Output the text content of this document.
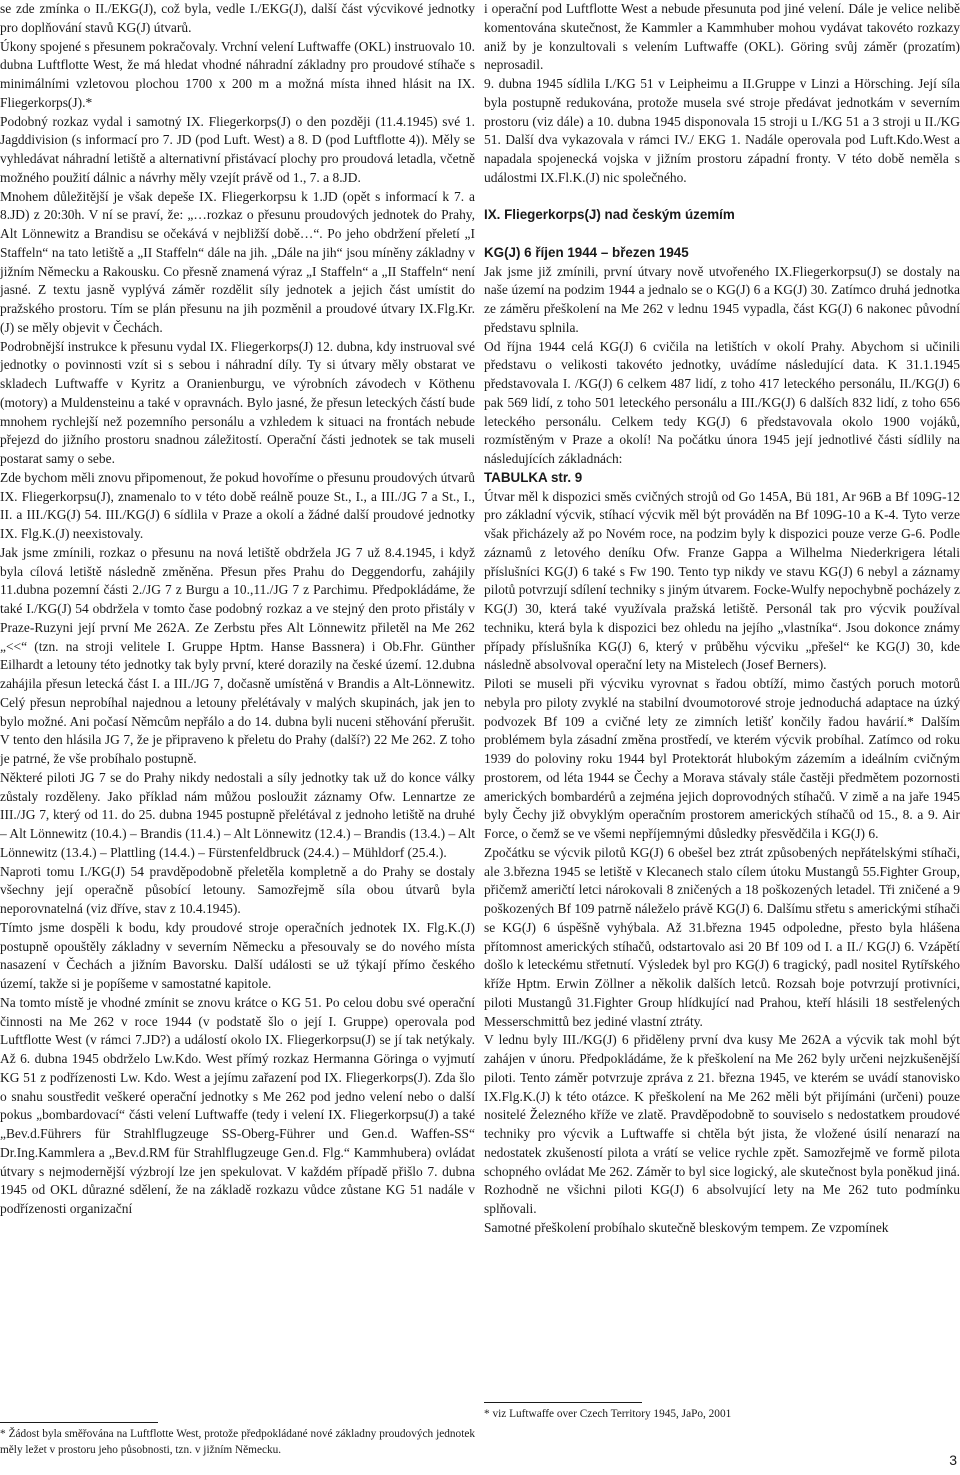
se zde zmínka o II./EKG(J), což byla, vedle I./EKG(J), další část výcvikové jednotky pro doplňování stavů KG(J) útvarů.

Úkony spojené s přesunem pokračovaly. Vrchní velení Luftwaffe (OKL) instruovalo 10. dubna Luftflotte West, že má hledat vhodné náhradní základny pro proudové stíhače s minimálními vzletovou plochou 1700 x 200 m a možná místa ihned hlásit na IX. Fliegerkorps(J).*

Podobný rozkaz vydal i samotný IX. Fliegerkorps(J) o den později (11.4.1945) své 1. Jagddivision (s informací pro 7. JD (pod Luft. West) a 8. D (pod Luftflotte 4)). Měly se vyhledávat náhradní letiště a alternativní přistávací plochy pro proudová letadla, včetně možného použití dálnic a návrhy měly vzejít právě od 1., 7. a 8.JD.

Mnohem důležitější je však depeše IX. Fliegerkorpsu k 1.JD (opět s informací k 7. a 8.JD) z 20:30h. V ní se praví, že: „…rozkaz o přesunu proudových jednotek do Prahy, Alt Lönnewitz a Brandisu se očekává v nejbližší době…“. Po jeho obdržení přeletí „I Staffeln“ na tato letiště a „II Staffeln“ dále na jih. „Dále na jih“ jsou míněny základny v jižním Německu a Rakousku. Co přesně znamená výraz „I Staffeln“ a „II Staffeln“ není jasné. Z textu jasně vyplývá záměr rozdělit síly jednotek a jejich část umístit do pražského prostoru. Tím se plán přesunu na jih pozměnil a proudové útvary IX.Flg.Kr.(J) se měly objevit v Čechách.

Podrobnější instrukce k přesunu vydal IX. Fliegerkorps(J) 12. dubna, kdy instruoval své jednotky o povinnosti vzít si s sebou i náhradní díly. Ty si útvary měly obstarat ve skladech Luftwaffe v Kyritz a Oranienburgu, ve výrobních závodech v Köthenu (motory) a Muldensteinu a také v opravnách. Bylo jasné, že přesun leteckých částí bude mnohem rychlejší než pozemního personálu a vzhledem k situaci na frontách nebude přejezd do jižního prostoru snadnou záležitostí. Operační části jednotek se tak museli postarat samy o sebe.

Zde bychom měli znovu připomenout, že pokud hovoříme o přesunu proudových útvarů IX. Fliegerkorpsu(J), znamenalo to v této době reálně pouze St., I., a III./JG 7 a St., I., II. a III./KG(J) 54. III./KG(J) 6 sídlila v Praze a okolí a žádné další proudové jednotky IX. Flg.K.(J) neexistovaly.

Jak jsme zmínili, rozkaz o přesunu na nová letiště obdržela JG 7 už 8.4.1945, i když byla cílová letiště následně změněna. Přesun přes Prahu do Deggendorfu, zahájily 11.dubna pozemní části 2./JG 7 z Burgu a 10.,11./JG 7 z Parchimu. Předpokládáme, že také I./KG(J) 54 obdržela v tomto čase podobný rozkaz a ve stejný den proto přistály v Praze-Ruzyni její první Me 262A. Ze Zerbstu přes Alt Lönnewitz přiletěl na Me 262 „<<“ (tzn. na stroji velitele I. Gruppe Hptm. Hanse Bassnera) i Ob.Fhr. Günther Eilhardt a letouny této jednotky tak byly první, které dorazily na české území. 12.dubna zahájila přesun letecká část I. a III./JG 7, dočasně umístěná v Brandis a Alt-Lönnewitz. Celý přesun neprobíhal najednou a letouny přelétávaly v malých skupinách, jak jen to bylo možné. Ani počasí Němcům nepřálo a do 14. dubna byli nuceni stěhování přerušit. V tento den hlásila JG 7, že je připraveno k přeletu do Prahy (další?) 22 Me 262. Z toho je patrné, že vše probíhalo postupně.

Některé piloti JG 7 se do Prahy nikdy nedostali a síly jednotky tak už do konce války zůstaly rozděleny. Jako příklad nám můžou posloužit záznamy Ofw. Lennartze ze III./JG 7, který od 11. do 25. dubna 1945 postupně přelétával z jednoho letiště na druhé – Alt Lönnewitz (10.4.) – Brandis (11.4.) – Alt Lönnewitz (12.4.) – Brandis (13.4.) – Alt Lönnewitz (13.4.) – Plattling (14.4.) – Fürstenfeldbruck (24.4.) – Mühldorf (25.4.).

Naproti tomu I./KG(J) 54 pravděpodobně přeletěla kompletně a do Prahy se dostaly všechny její operačně působící letouny. Samozřejmě síla obou útvarů byla neporovnatelná (viz dříve, stav z 10.4.1945).

Tímto jsme dospěli k bodu, kdy proudové stroje operačních jednotek IX. Flg.K.(J) postupně opouštěly základny v severním Německu a přesouvaly se do nového místa nasazení v Čechách a jižním Bavorsku. Další události se už týkají přímo českého území, takže si je popíšeme v samostatné kapitole.

Na tomto místě je vhodné zmínit se znovu krátce o KG 51. Po celou dobu své operační činnosti na Me 262 v roce 1944 (v podstatě šlo o její I. Gruppe) operovala pod Luftflotte West (v rámci 7.JD?) a událostí okolo IX. Fliegerkorpsu(J) se jí tak netýkaly. Až 6. dubna 1945 obdrželo Lw.Kdo. West přímý rozkaz Hermanna Göringa o vyjmutí KG 51 z podřízenosti Lw. Kdo. West a jejímu zařazení pod IX. Fliegerkorps(J). Zda šlo o snahu soustředit veškeré operační jednotky s Me 262 pod jedno velení nebo o další pokus „bombardovací“ části velení Luftwaffe (tedy i velení IX. Fliegerkorpsu(J) a také „Bev.d.Führers für Strahlflugzeuge SS-Oberg-Führer und Gen.d. Waffen-SS“ Dr.Ing.Kammlera a „Bev.d.RM für Strahlflugzeuge Gen.d. Flg.“ Kammhubera) ovládat útvary s nejmodernější výzbrojí lze jen spekulovat. V každém případě přišlo 7. dubna 1945 od OKL důrazné sdělení, že na základě rozkazu vůdce zůstane KG 51 nadále v podřízenosti organizační

* Žádost byla směřována na Luftflotte West, protože předpokládané nové základny proudových jednotek měly ležet v prostoru jeho působnosti, tzn. v jižním Německu.

i operační pod Luftflotte West a nebude přesunuta pod jiné velení. Dále je velice nelibě komentována skutečnost, že Kammler a Kammhuber mohou vydávat takovéto rozkazy aniž by je konzultovali s velením Luftwaffe (OKL). Göring svůj záměr (prozatím) neprosadil.

9. dubna 1945 sídlila I./KG 51 v Leipheimu a II.Gruppe v Linzi a Hörsching. Její síla byla postupně redukována, protože musela své stroje předávat jednotkám v severním prostoru (viz dále) a 10. dubna 1945 disponovala 15 stroji u I./KG 51 a 3 stroji u II./KG 51. Další dva vykazovala v rámci IV./ EKG 1. Nadále operovala pod Luft.Kdo.West a napadala spojenecká vojska v jižním prostoru západní fronty. V této době neměla s událostmi IX.Fl.K.(J) nic společného.

IX. Fliegerkorps(J) nad českým územím
KG(J) 6 říjen 1944 – březen 1945

Jak jsme již zmínili, první útvary nově utvořeného IX.Fliegerkorpsu(J) se dostaly na naše území na podzim 1944 a jednalo se o KG(J) 6 a KG(J) 30. Zatímco druhá jednotka ze záměru přeškolení na Me 262 v lednu 1945 vypadla, část KG(J) 6 nakonec původní představu splnila.

Od října 1944 celá KG(J) 6 cvičila na letištích v okolí Prahy. Abychom si učinili představu o velikosti takovéto jednotky, uvádíme následující data. K 31.1.1945 představovala I. /KG(J) 6 celkem 487 lidí, z toho 417 leteckého personálu, II./KG(J) 6 pak 569 lidí, z toho 501 leteckého personálu a III./KG(J) 6 dalších 832 lidí, z toho 656 leteckého personálu. Celkem tedy KG(J) 6 představovala okolo 1900 vojáků, rozmístěným v Praze a okolí! Na počátku února 1945 její jednotlivé části sídlily na následujících základnách:

TABULKA str. 9

Útvar měl k dispozici směs cvičných strojů od Go 145A, Bü 181, Ar 96B a Bf 109G-12 pro základní výcvik, stíhací výcvik měl být prováděn na Bf 109G-10 a K-4. Tyto verze však přicházely až po Novém roce, na podzim byly k dispozici pouze verze G-6. Podle záznamů z letového deníku Ofw. Franze Gappa a Wilhelma Niederkrigera létali příslušníci KG(J) 6 také s Fw 190. Tento typ nikdy ve stavu KG(J) 6 nebyl a záznamy pilotů potvrzují sdílení techniky s jiným útvarem. Focke-Wulfy nepochybně pocházely z KG(J) 30, která také využívala pražská letiště. Personál tak pro výcvik používal techniku, která byla k dispozici bez ohledu na jejího „vlastníka“. Jsou dokonce známy případy příslušníka KG(J) 6, který v průběhu výcviku „přešel“ ke KG(J) 30, kde následně absolvoval operační lety na Mistelech (Josef Berners).

Piloti se museli při výcviku vyrovnat s řadou obtíží, mimo častých poruch motorů nebyla pro piloty zvyklé na stabilní dvoumotorové stroje jednoduchá adaptace na úzký podvozek Bf 109 a cvičné lety ze zimních letišť končily řadou havárií.* Dalším problémem byla zásadní změna prostředí, ve kterém výcvik probíhal. Zatímco od roku 1939 do poloviny roku 1944 byl Protektorát hlubokým zázemím a ideálním cvičným prostorem, od léta 1944 se Čechy a Morava stávaly stále častěji předmětem pozornosti amerických bombardérů a zejména jejich doprovodných stíhačů. V zimě a na jaře 1945 byly Čechy již obvyklým operačním prostorem amerických stíhačů od 15., 8. a 9. Air Force, o čemž se ve všemi nepříjemnými důsledky přesvědčila i KG(J) 6.

Zpočátku se výcvik pilotů KG(J) 6 obešel bez ztrát způsobených nepřátelskými stíhači, ale 3.března 1945 se letiště v Klecanech stalo cílem útoku Mustangů 55.Fighter Group, přičemž američtí letci nárokovali 8 zničených a 18 poškozených letadel. Tři zničené a 9 poškozených Bf 109 patrně náleželo právě KG(J) 6. Dalšímu střetu s americkými stíhači se KG(J) 6 úspěšně vyhýbala. Až 31.března 1945 odpoledne, přesto byla hlášena přítomnost amerických stíhačů, odstartovalo asi 20 Bf 109 od I. a II./ KG(J) 6. Vzápětí došlo k leteckému střetnutí. Výsledek byl pro KG(J) 6 tragický, padl nositel Rytířského kříže Hptm. Erwin Zöllner a několik dalších letců. Rozsah boje potvrzují protivníci, piloti Mustangů 31.Fighter Group hlídkující nad Prahou, kteří hlásili 18 sestřelených Messerschmittů bez jediné vlastní ztráty.

V lednu byly III./KG(J) 6 přiděleny první dva kusy Me 262A a výcvik tak mohl být zahájen v únoru. Předpokládáme, že k přeškolení na Me 262 byly určeni nejzkušenější piloti. Tento záměr potvrzuje zpráva z 21. března 1945, ve kterém se uvádí stanovisko IX.Flg.K.(J) k této otázce. K přeškolení na Me 262 měli být přijímáni (určeni) pouze nositelé Železného kříže ve zlatě. Pravděpodobně to souviselo s nedostatkem proudové techniky pro výcvik a Luftwaffe si chtěla být jista, že vložené úsilí nenarazí na nedostatek zkušeností pilota a vrátí se velice rychle zpět. Samozřejmě ve formě pilota schopného ovládat Me 262. Záměr to byl sice logický, ale skutečnost byla poněkud jiná. Rozhodně ne všichni piloti KG(J) 6 absolvující lety na Me 262 tuto podmínku splňovali.

Samotné přeškolení probíhalo skutečně bleskovým tempem. Ze vzpomínek

* viz Luftwaffe over Czech Territory 1945, JaPo, 2001
3
